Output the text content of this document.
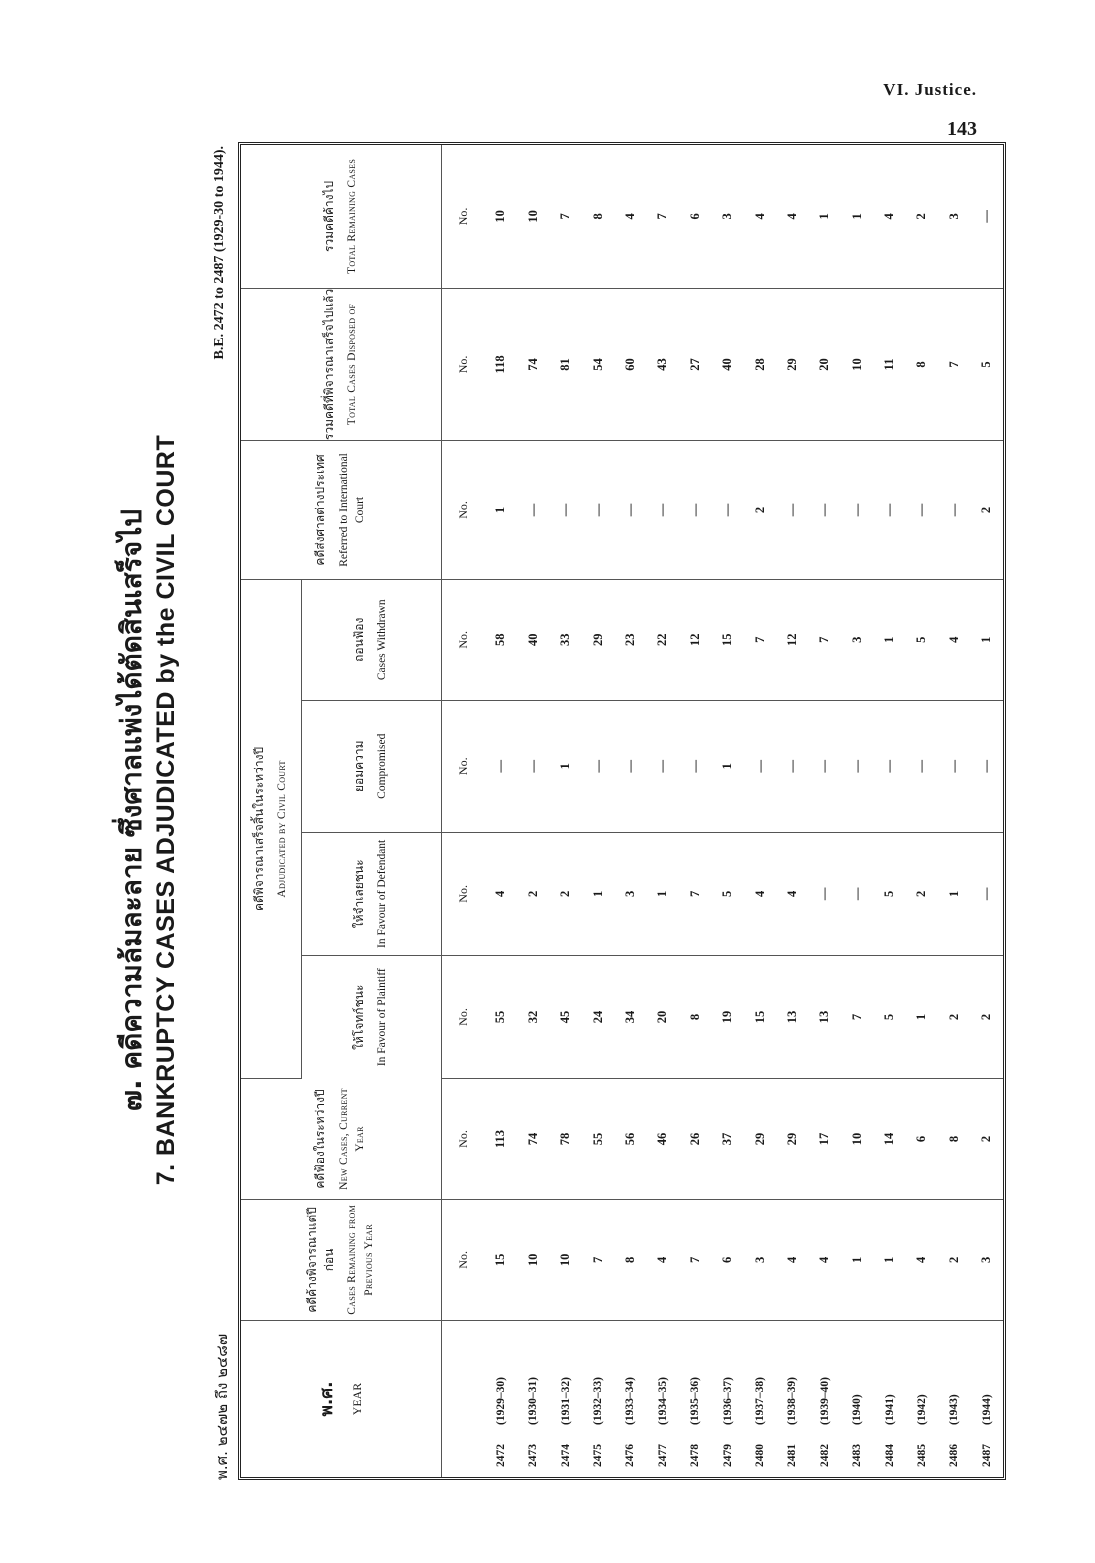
VI. Justice.
143
๗. คดีความล้มละลาย ซึ่งศาลแพ่งได้ตัดสินเสร็จไป 7. BANKRUPTCY CASES ADJUDICATED by the CIVIL COURT
พ.ศ. ๒๔๗๒ ถึง ๒๔๘๗
B.E. 2472 to 2487 (1929-30 to 1944).
พ.ศ. YEAR	คดีค้างพิจารณาแต่ปีก่อน Cases Remaining from Previous Year	คดีฟ้องในระหว่างปี New Cases, Current Year	คดีพิจารณาเสร็จสิ้นในระหว่างปี Adjudicated by Civil Court				คดีส่งศาลต่างประเทศ Referred to International Court	รวมคดีที่พิจารณาเสร็จไปแล้ว Total Cases Disposed of	รวมคดีค้างไป Total Remaining Cases

			ให้โจทก์ชนะ In Favour of Plaintiff	ให้จำเลยชนะ In Favour of Defendant	ยอมความ Compromised	ถอนฟ้อง Cases Withdrawn			
	No.	No.	No.	No.	No.	No.	No.	No.	No.
2472(1929–30)	15	113	55	4	—	58	1	118	10
2473(1930–31)	10	74	32	2	—	40	—	74	10
2474(1931–32)	10	78	45	2	1	33	—	81	7
2475(1932–33)	7	55	24	1	—	29	—	54	8
2476(1933–34)	8	56	34	3	—	23	—	60	4
2477(1934–35)	4	46	20	1	—	22	—	43	7
2478(1935–36)	7	26	8	7	—	12	—	27	6
2479(1936–37)	6	37	19	5	1	15	—	40	3
2480(1937–38)	3	29	15	4	—	7	2	28	4
2481(1938–39)	4	29	13	4	—	12	—	29	4
2482(1939–40)	4	17	13	—	—	7	—	20	1
2483(1940)	1	10	7	—	—	3	—	10	1
2484(1941)	1	14	5	5	—	1	—	11	4
2485(1942)	4	6	1	2	—	5	—	8	2
2486(1943)	2	8	2	1	—	4	—	7	3
2487(1944)	3	2	2	—	—	1	2	5	—
